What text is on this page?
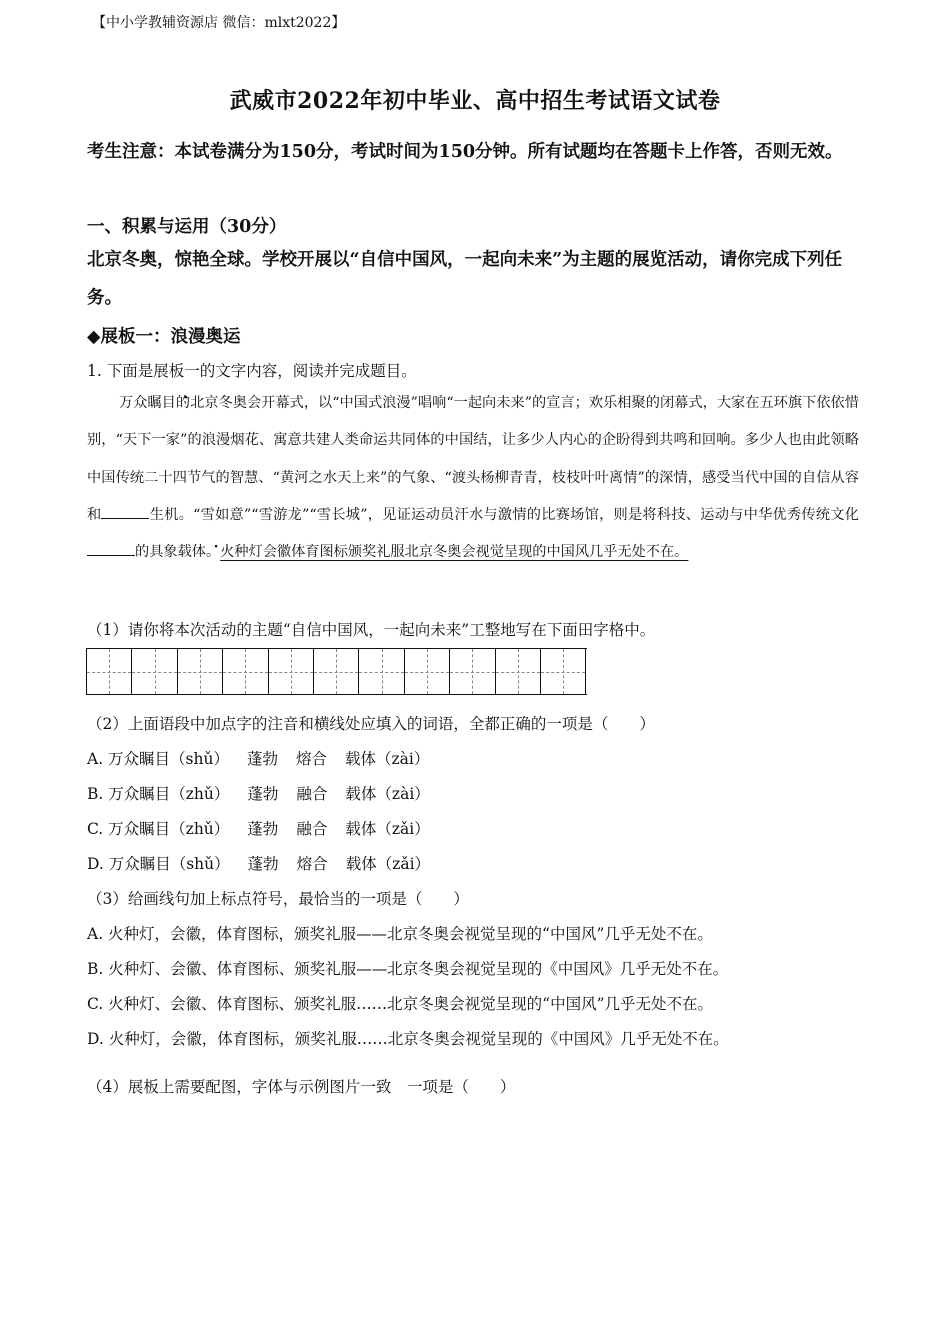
【中小学教辅资源店 微信：mlxt2022】
武威市2022年初中毕业、高中招生考试语文试卷
考生注意：本试卷满分为150分，考试时间为150分钟。所有试题均在答题卡上作答，否则无效。
一、积累与运用（30分）
北京冬奥，惊艳全球。学校开展以“自信中国风，一起向未来”为主题的展览活动，请你完成下列任务。
◆展板一：浪漫奥运
1. 下面是展板一的文字内容，阅读并完成题目。
万众· 瞩目的北京冬奥会开幕式，以“中国式浪漫”唱响“一起向未来”的宣言；欢乐相聚的闭幕式，大家在五环旗下依依惜别，“天下一家”的浪漫烟花、寓意共建人类命运共同体的中国结，让多少人内心的企盼得到共鸣和回响。多少人也由此领略中国传统二十四节气的智慧、“黄河之水天上来”的气象、“渡头杨柳青青，枝枝叶叶离情”的深情，感受当代中国的自信从容和	生机。“雪如意”“雪游龙”“雪长城”，见证运动员汗水与激情的比赛场馆，则是将科技、运动与中华优秀传统文化的具象· 载体。火种灯会徽体育图标颁奖礼服北京冬奥会视觉呈现的中国风几乎无处不在。
（1）请你将本次活动的主题“自信中国风，一起向未来”工整地写在下面田字格中。
（2）上面语段中加点字的注音和横线处应填入的词语，全都正确的一项是（　　）
A. 万众瞩目（shǔ） 蓬勃 熔合 载体（zài）
B. 万众瞩目（zhǔ） 蓬勃 融合 载体（zài）
C. 万众瞩目（zhǔ） 蓬勃 融合 载体（zǎi）
D. 万众瞩目（shǔ） 蓬勃 熔合 载体（zǎi）
（3）给画线句加上标点符号，最恰当的一项是（　　）
A. 火种灯，会徽，体育图标，颁奖礼服——北京冬奥会视觉呈现的“中国风”几乎无处不在。
B. 火种灯、会徽、体育图标、颁奖礼服——北京冬奥会视觉呈现的《中国风》几乎无处不在。
C. 火种灯、会徽、体育图标、颁奖礼服……北京冬奥会视觉呈现的“中国风”几乎无处不在。
D. 火种灯，会徽，体育图标，颁奖礼服……北京冬奥会视觉呈现的《中国风》几乎无处不在。
（4）展板上需要配图，字体与示例图片一致　一项是（　　）
